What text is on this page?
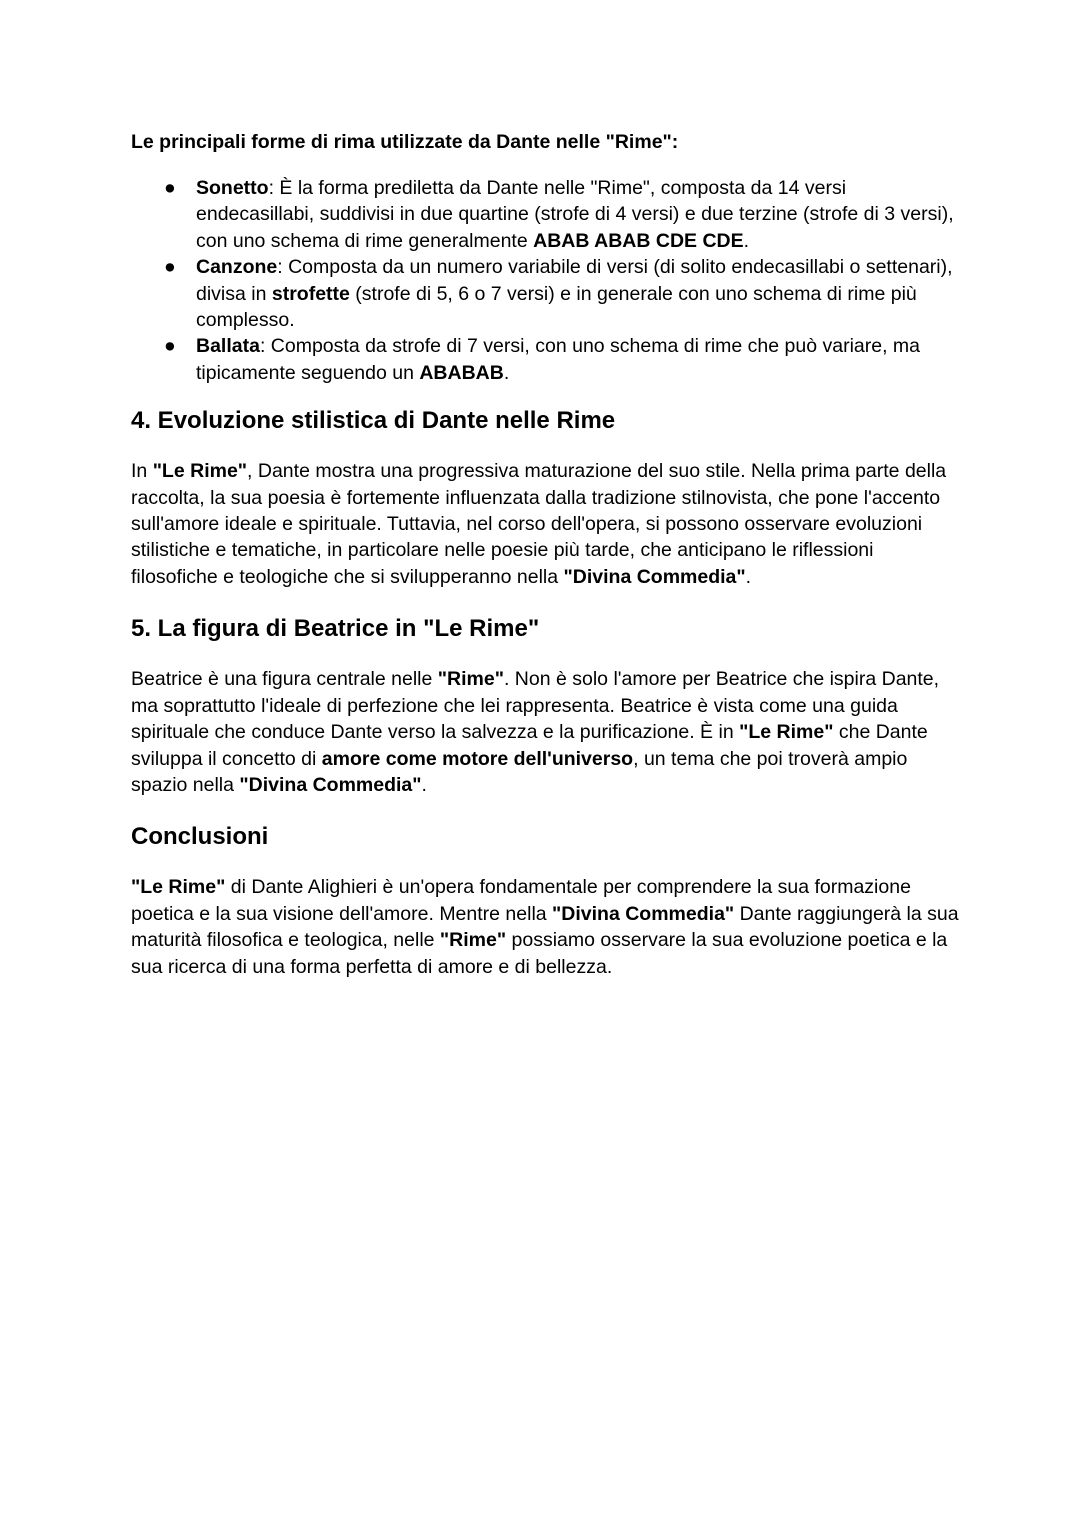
Le principali forme di rima utilizzate da Dante nelle "Rime":
● Sonetto: È la forma prediletta da Dante nelle "Rime", composta da 14 versi endecasillabi, suddivisi in due quartine (strofe di 4 versi) e due terzine (strofe di 3 versi), con uno schema di rime generalmente ABAB ABAB CDE CDE.
● Canzone: Composta da un numero variabile di versi (di solito endecasillabi o settenari), divisa in strofette (strofe di 5, 6 o 7 versi) e in generale con uno schema di rime più complesso.
● Ballata: Composta da strofe di 7 versi, con uno schema di rime che può variare, ma tipicamente seguendo un ABABAB.
4. Evoluzione stilistica di Dante nelle Rime

In "Le Rime", Dante mostra una progressiva maturazione del suo stile. Nella prima parte della raccolta, la sua poesia è fortemente influenzata dalla tradizione stilnovista, che pone l'accento sull'amore ideale e spirituale. Tuttavia, nel corso dell'opera, si possono osservare evoluzioni stilistiche e tematiche, in particolare nelle poesie più tarde, che anticipano le riflessioni filosofiche e teologiche che si svilupperanno nella "Divina Commedia".

5. La figura di Beatrice in "Le Rime"

Beatrice è una figura centrale nelle "Rime". Non è solo l'amore per Beatrice che ispira Dante, ma soprattutto l'ideale di perfezione che lei rappresenta. Beatrice è vista come una guida spirituale che conduce Dante verso la salvezza e la purificazione. È in "Le Rime" che Dante sviluppa il concetto di amore come motore dell'universo, un tema che poi troverà ampio spazio nella "Divina Commedia".

Conclusioni

"Le Rime" di Dante Alighieri è un'opera fondamentale per comprendere la sua formazione poetica e la sua visione dell'amore. Mentre nella "Divina Commedia" Dante raggiungerà la sua maturità filosofica e teologica, nelle "Rime" possiamo osservare la sua evoluzione poetica e la sua ricerca di una forma perfetta di amore e di bellezza.
